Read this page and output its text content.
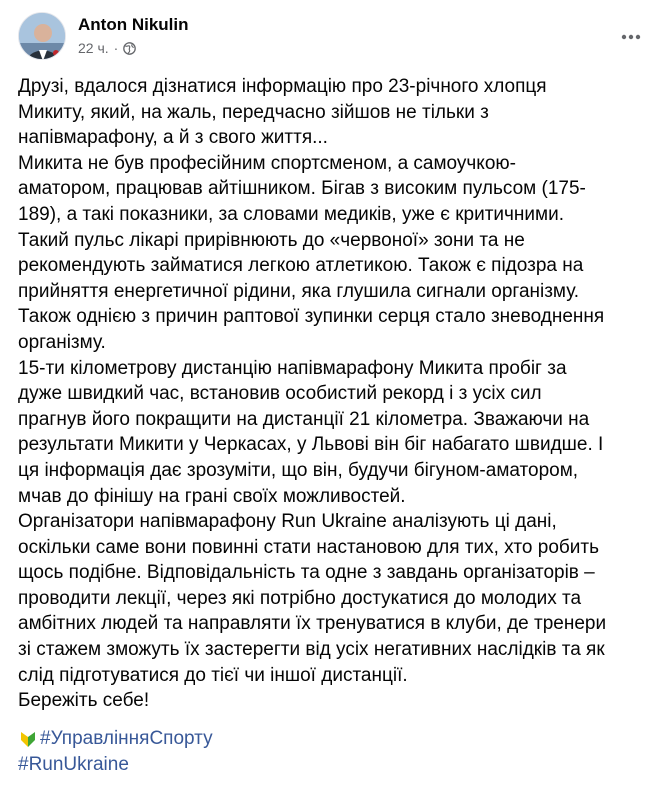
Anton Nikulin
22 ч. ·
Друзі, вдалося дізнатися інформацію про 23-річного хлопця
Микиту, який, на жаль, передчасно зійшов не тільки з
напівмарафону, а й з свого життя...
Микита не був професійним спортсменом, а самоучкою-
аматором, працював айтішником. Бігав з високим пульсом (175-
189), а такі показники, за словами медиків, уже є критичними.
Такий пульс лікарі прирівнюють до «червоної» зони та не
рекомендують займатися легкою атлетикою. Також є підозра на
прийняття енергетичної рідини, яка глушила сигнали організму.
Також однією з причин раптової зупинки серця стало зневоднення
організму.
15-ти кілометрову дистанцію напівмарафону Микита пробіг за
дуже швидкий час, встановив особистий рекорд і з усіх сил
прагнув його покращити на дистанції 21 кілометра. Зважаючи на
результати Микити у Черкасах, у Львові він біг набагато швидше. І
ця інформація дає зрозуміти, що він, будучи бігуном-аматором,
мчав до фінішу на грані своїх можливостей.
Організатори напівмарафону Run Ukraine аналізують ці дані,
оскільки саме вони повинні стати настановою для тих, хто робить
щось подібне. Відповідальність та одне з завдань організаторів –
проводити лекції, через які потрібно достукатися до молодих та
амбітних людей та направляти їх тренуватися в клуби, де тренери
зі стажем зможуть їх застерегти від усіх негативних наслідків та як
слід підготуватися до тієї чи іншої дистанції.
Бережіть себе!
#УправлінняСпорту
#RunUkraine
